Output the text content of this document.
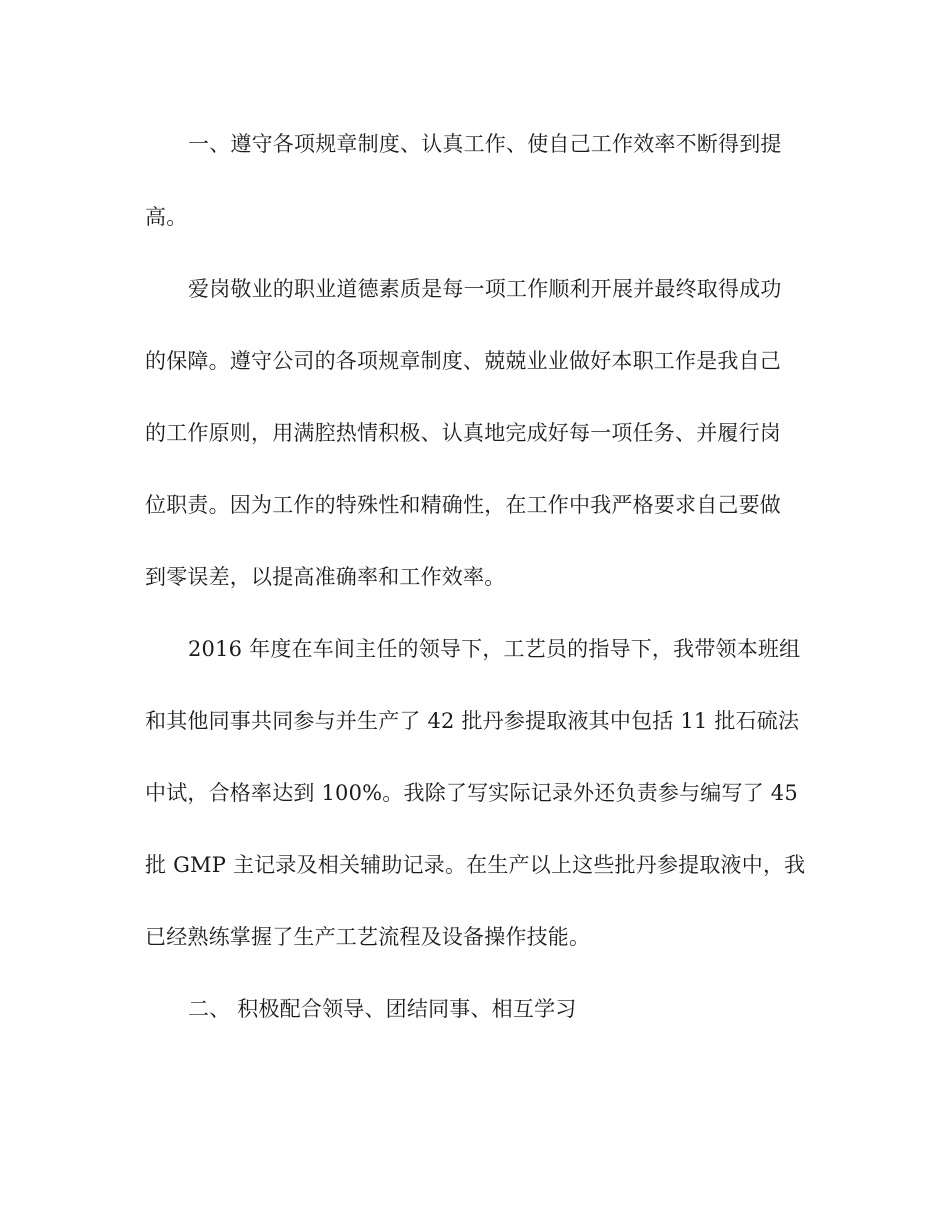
一、遵守各项规章制度、认真工作、使自己工作效率不断得到提
高。
爱岗敬业的职业道德素质是每一项工作顺利开展并最终取得成功
的保障。遵守公司的各项规章制度、兢兢业业做好本职工作是我自己
的工作原则，用满腔热情积极、认真地完成好每一项任务、并履行岗
位职责。因为工作的特殊性和精确性，在工作中我严格要求自己要做
到零误差，以提高准确率和工作效率。
2016 年度在车间主任的领导下，工艺员的指导下，我带领本班组
和其他同事共同参与并生产了 42 批丹参提取液其中包括 11 批石硫法
中试，合格率达到 100%。我除了写实际记录外还负责参与编写了 45
批 GMP 主记录及相关辅助记录。在生产以上这些批丹参提取液中，我
已经熟练掌握了生产工艺流程及设备操作技能。
二、 积极配合领导、团结同事、相互学习
